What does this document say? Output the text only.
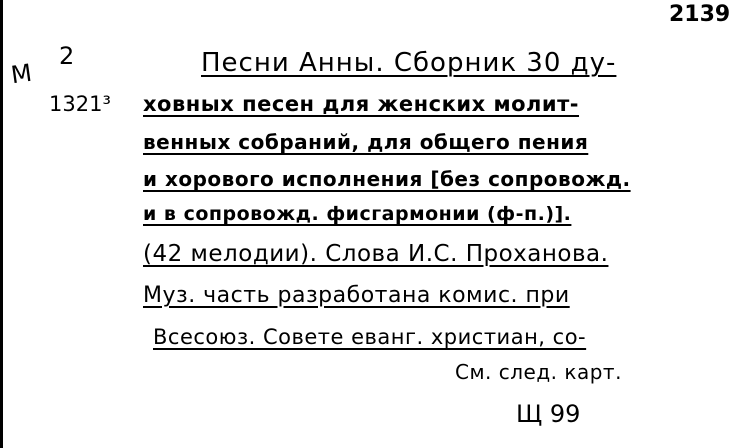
2139
M
2
1321³
Песни Анны. Сборник 30 ду-
ховных песен для женских молит-
венных собраний, для общего пения
и хорового исполнения [без сопровожд.
и в сопровожд. фисгармонии (ф-п.)].
(42 мелодии). Слова И.С. Проханова.
Муз. часть разработана комис. при
Всесоюз. Совете еванг. христиан, со-
См. след. карт.
Щ 99
